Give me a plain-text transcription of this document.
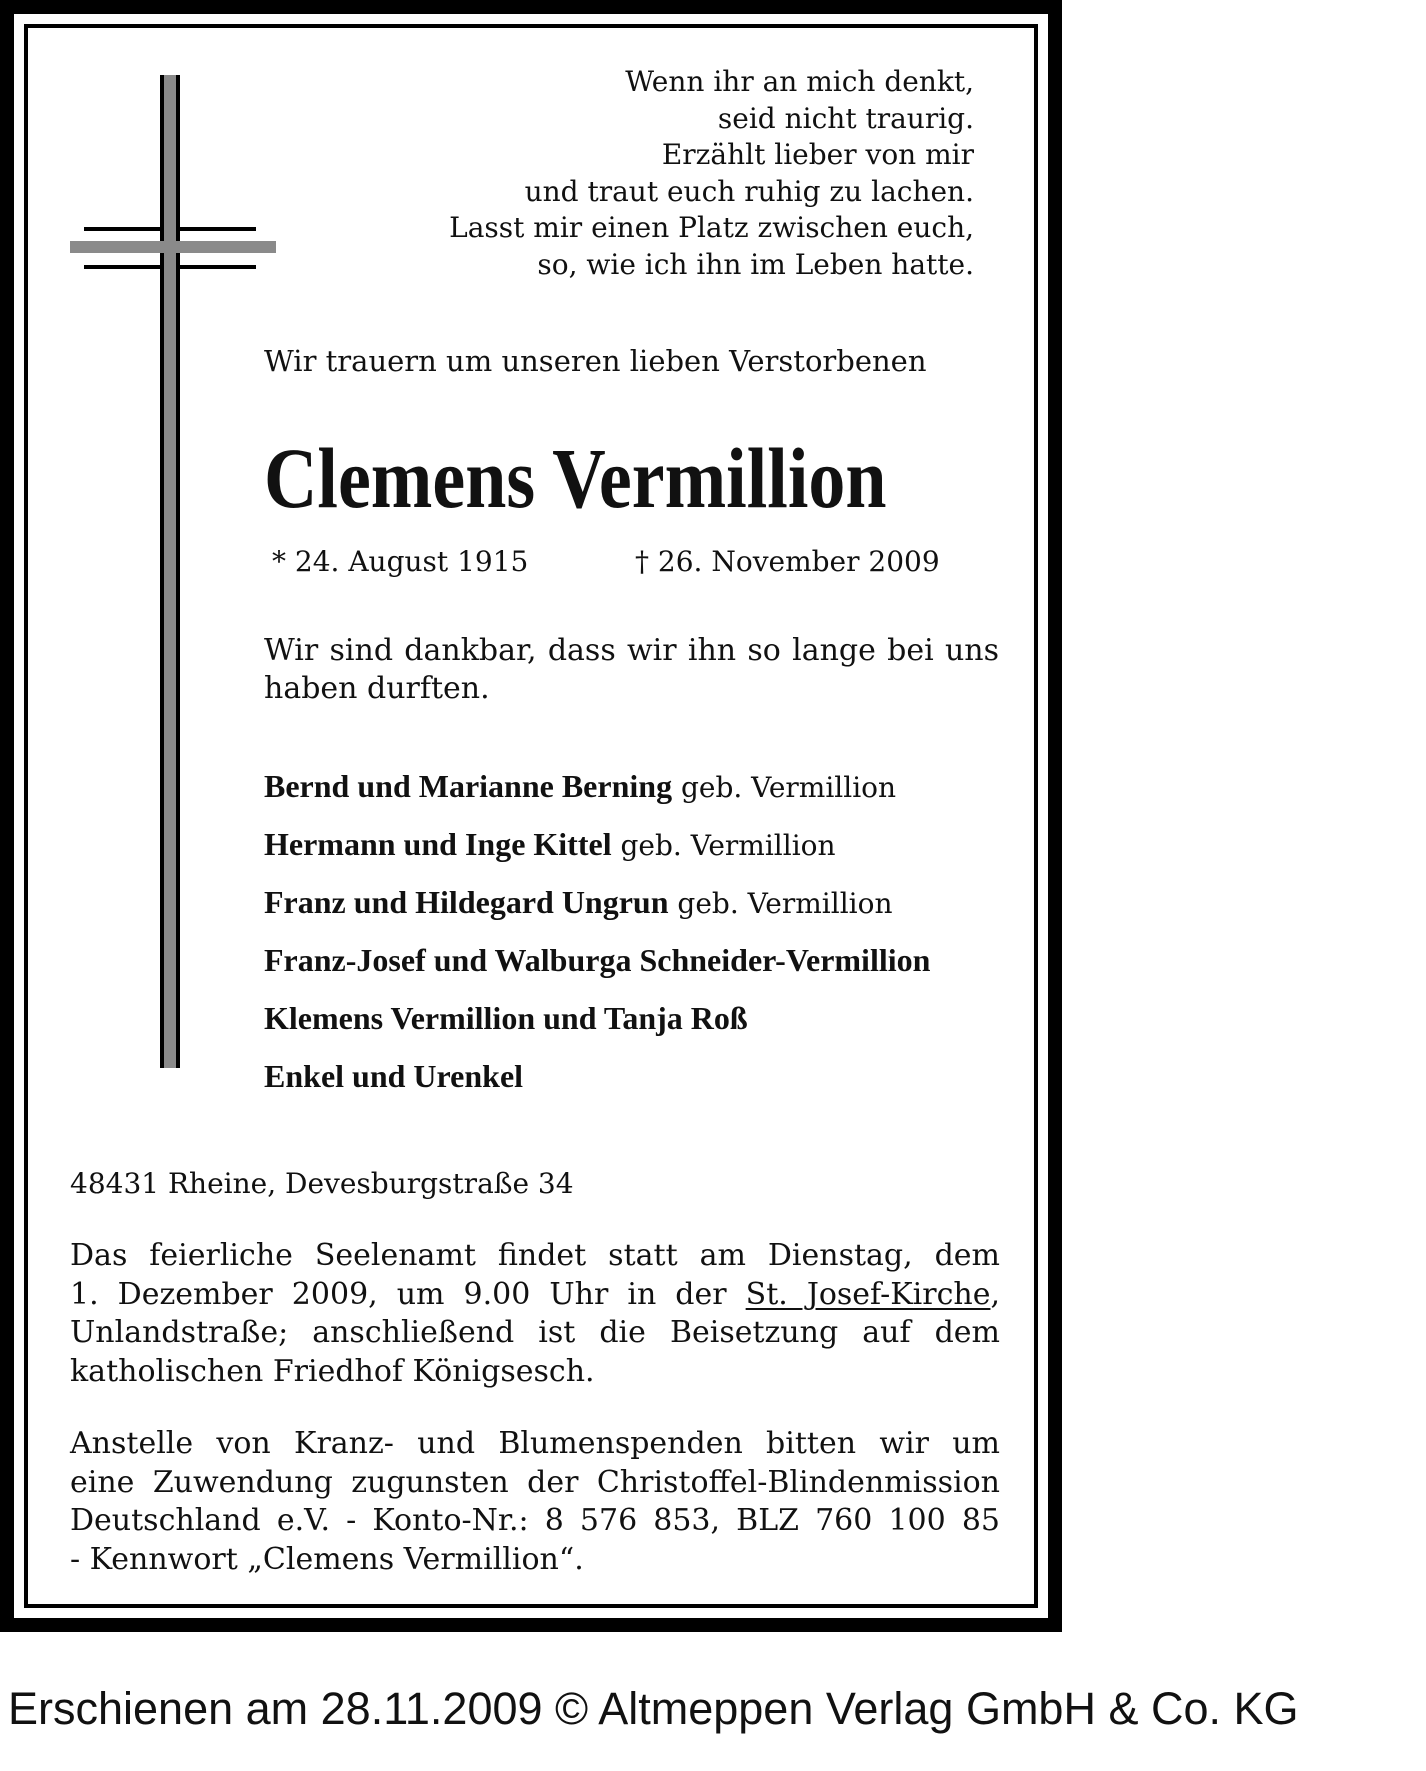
Wenn ihr an mich denkt,
seid nicht traurig.
Erzählt lieber von mir
und traut euch ruhig zu lachen.
Lasst mir einen Platz zwischen euch,
so, wie ich ihn im Leben hatte.
Wir trauern um unseren lieben Verstorbenen
Clemens Vermillion
* 24. August 1915	† 26. November 2009
Wir sind dankbar, dass wir ihn so lange bei uns haben durften.
Bernd und Marianne Berning geb. Vermillion
Hermann und Inge Kittel geb. Vermillion
Franz und Hildegard Ungrun geb. Vermillion
Franz-Josef und Walburga Schneider-Vermillion
Klemens Vermillion und Tanja Roß
Enkel und Urenkel
48431 Rheine, Devesburgstraße 34
Das feierliche Seelenamt findet statt am Dienstag, dem
1. Dezember 2009, um 9.00 Uhr in der St. Josef-Kirche,
Unlandstraße; anschließend ist die Beisetzung auf dem
katholischen Friedhof Königsesch.
Anstelle von Kranz- und Blumenspenden bitten wir um
eine Zuwendung zugunsten der Christoffel-Blindenmission
Deutschland e.V. - Konto-Nr.: 8 576 853, BLZ 760 100 85
- Kennwort „Clemens Vermillion“.
Erschienen am 28.11.2009 © Altmeppen Verlag GmbH & Co. KG
